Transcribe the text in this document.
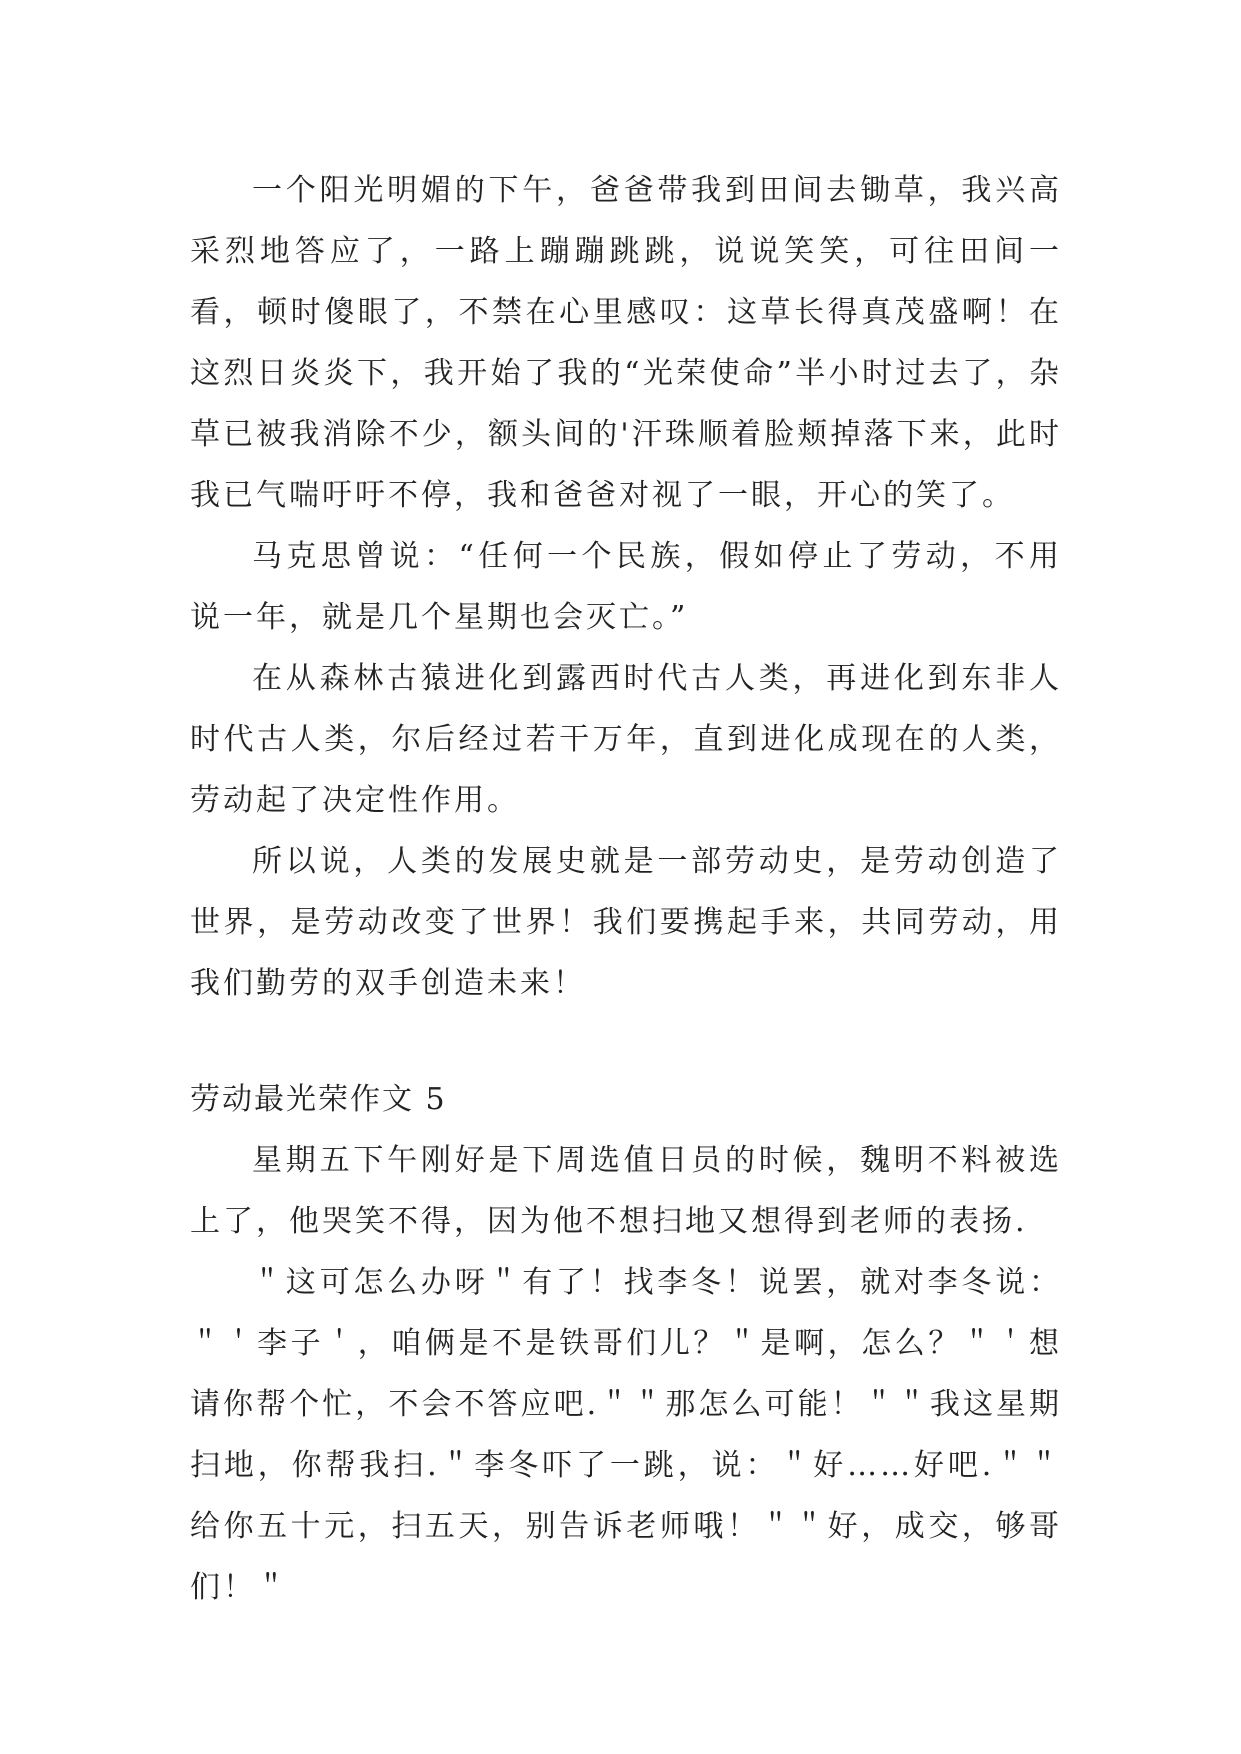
一个阳光明媚的下午，爸爸带我到田间去锄草，我兴高采烈地答应了，一路上蹦蹦跳跳，说说笑笑，可往田间一看，顿时傻眼了，不禁在心里感叹：这草长得真茂盛啊！在这烈日炎炎下，我开始了我的“光荣使命”半小时过去了，杂草已被我消除不少，额头间的'汗珠顺着脸颊掉落下来，此时我已气喘吁吁不停，我和爸爸对视了一眼，开心的笑了。

马克思曾说：“任何一个民族，假如停止了劳动，不用说一年，就是几个星期也会灭亡。”

在从森林古猿进化到露西时代古人类，再进化到东非人时代古人类，尔后经过若干万年，直到进化成现在的人类，劳动起了决定性作用。

所以说，人类的发展史就是一部劳动史，是劳动创造了世界，是劳动改变了世界！我们要携起手来，共同劳动，用我们勤劳的双手创造未来！

劳动最光荣作文 5

星期五下午刚好是下周选值日员的时候，魏明不料被选上了，他哭笑不得，因为他不想扫地又想得到老师的表扬.

＂这可怎么办呀＂有了！找李冬！说罢，就对李冬说：＂＇李子＇，咱俩是不是铁哥们儿？＂是啊，怎么？＂＇想请你帮个忙，不会不答应吧.＂＂那怎么可能！＂＂我这星期扫地，你帮我扫.＂李冬吓了一跳，说：＂好……好吧.＂＂给你五十元，扫五天，别告诉老师哦！＂＂好，成交，够哥们！＂
